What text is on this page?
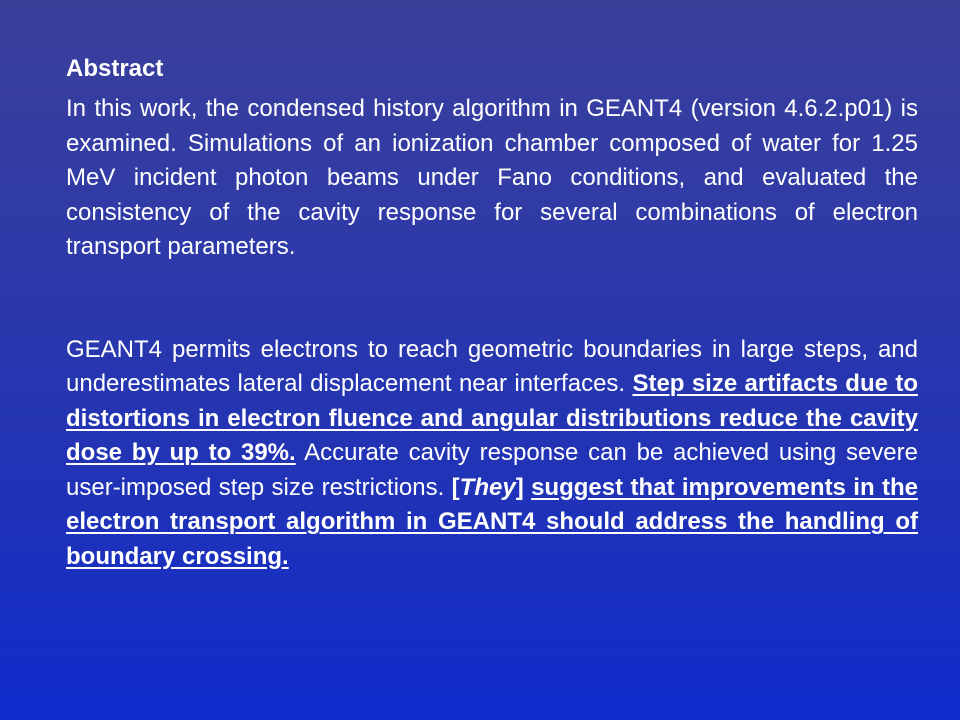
Abstract

In this work, the condensed history algorithm in GEANT4 (version 4.6.2.p01) is examined. Simulations of an ionization chamber composed of water for 1.25 MeV incident photon beams under Fano conditions, and evaluated the consistency of the cavity response for several combinations of electron transport parameters.

GEANT4 permits electrons to reach geometric boundaries in large steps, and underestimates lateral displacement near interfaces. Step size artifacts due to distortions in electron fluence and angular distributions reduce the cavity dose by up to 39%. Accurate cavity response can be achieved using severe user-imposed step size restrictions. [They] suggest that improvements in the electron transport algorithm in GEANT4 should address the handling of boundary crossing.
